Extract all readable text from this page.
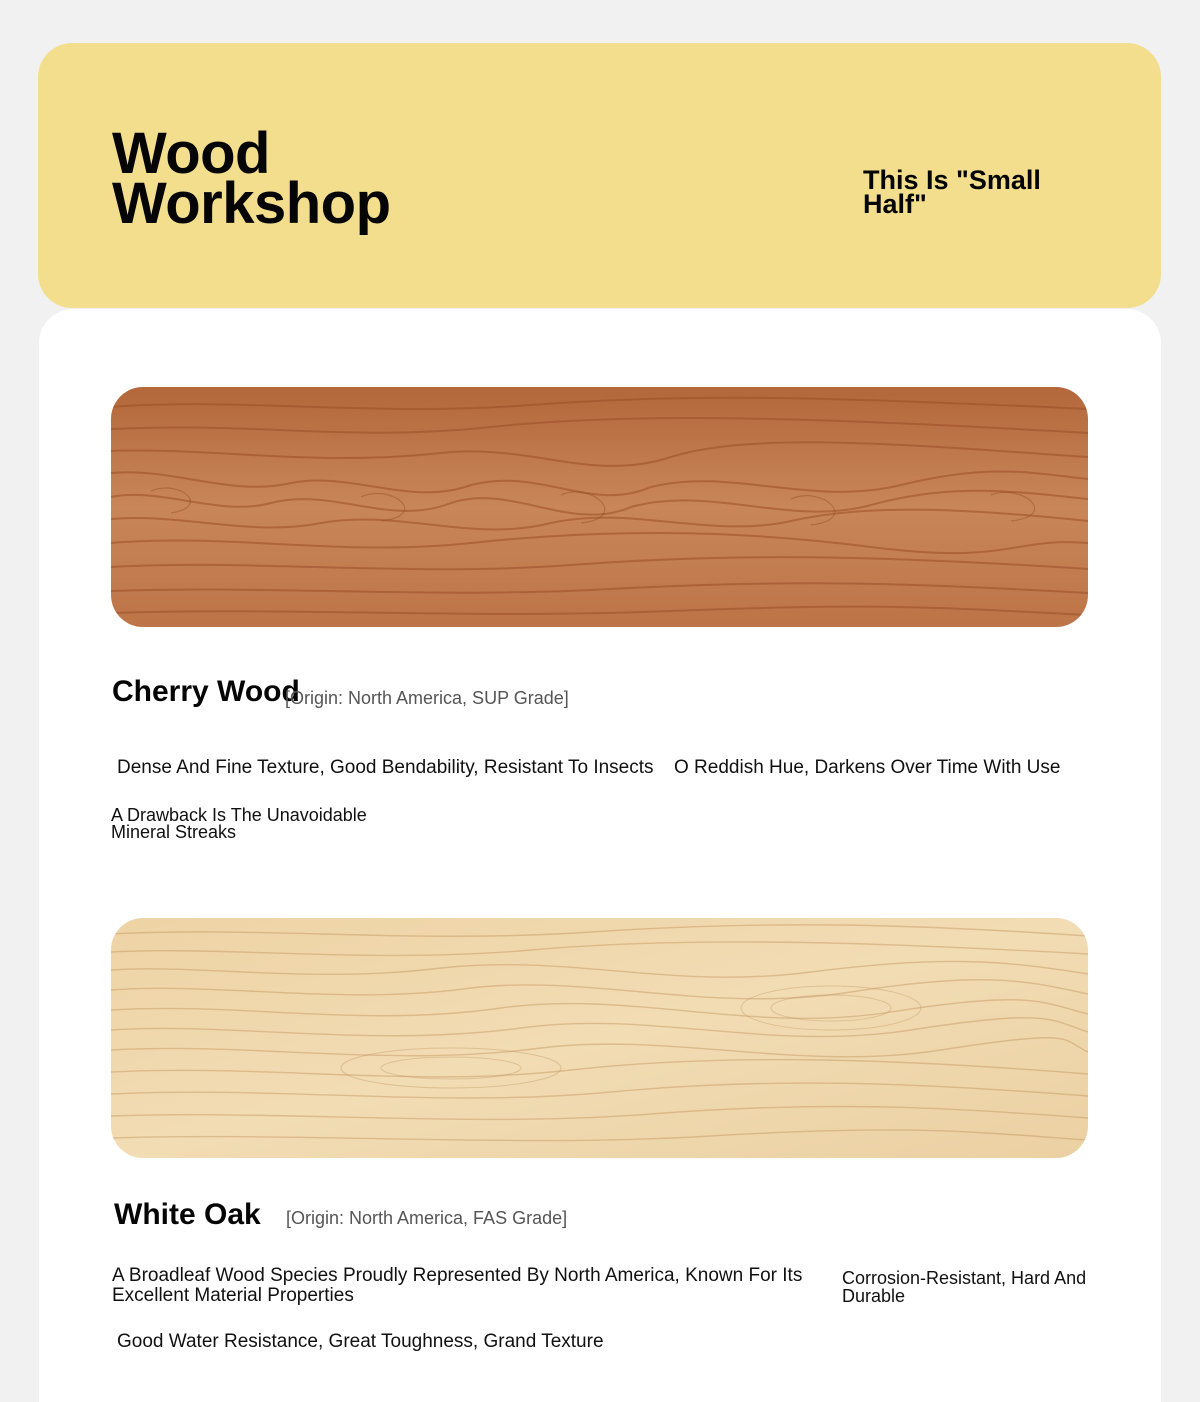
Wood
Workshop	This Is "Small Half"
Cherry Wood
[Origin: North America, SUP Grade]
Dense And Fine Texture, Good Bendability, Resistant To Insects O Reddish Hue, Darkens Over Time With Use
A Drawback Is The Unavoidable Mineral Streaks
White Oak [Origin: North America, FAS Grade]
A Broadleaf Wood Species Proudly Represented By North America, Known For Its Excellent Material Properties
Corrosion-Resistant, Hard And Durable
Good Water Resistance, Great Toughness, Grand Texture
